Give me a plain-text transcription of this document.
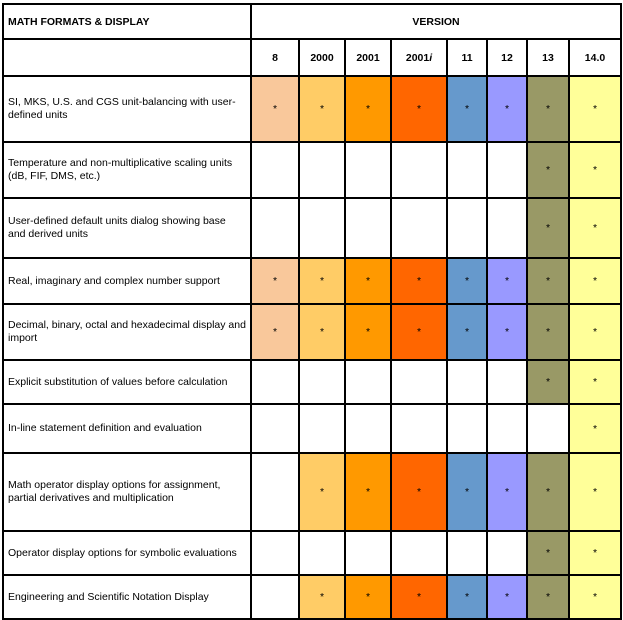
MATH FORMATS & DISPLAY	VERSION							
	8	2000	2001	2001i	11	12	13	14.0
SI, MKS, U.S. and CGS unit-balancing with user-defined units	*	*	*	*	*	*	*	*
Temperature and non-multiplicative scaling units (dB, FIF, DMS, etc.)							*	*
User-defined default units dialog showing base and derived units							*	*
Real, imaginary and complex number support	*	*	*	*	*	*	*	*
Decimal, binary, octal and hexadecimal display and import	*	*	*	*	*	*	*	*
Explicit substitution of values before calculation							*	*
In-line statement definition and evaluation								*
Math operator display options for assignment, partial derivatives and multiplication		*	*	*	*	*	*	*
Operator display options for symbolic evaluations							*	*
Engineering and Scientific Notation Display		*	*	*	*	*	*	*
